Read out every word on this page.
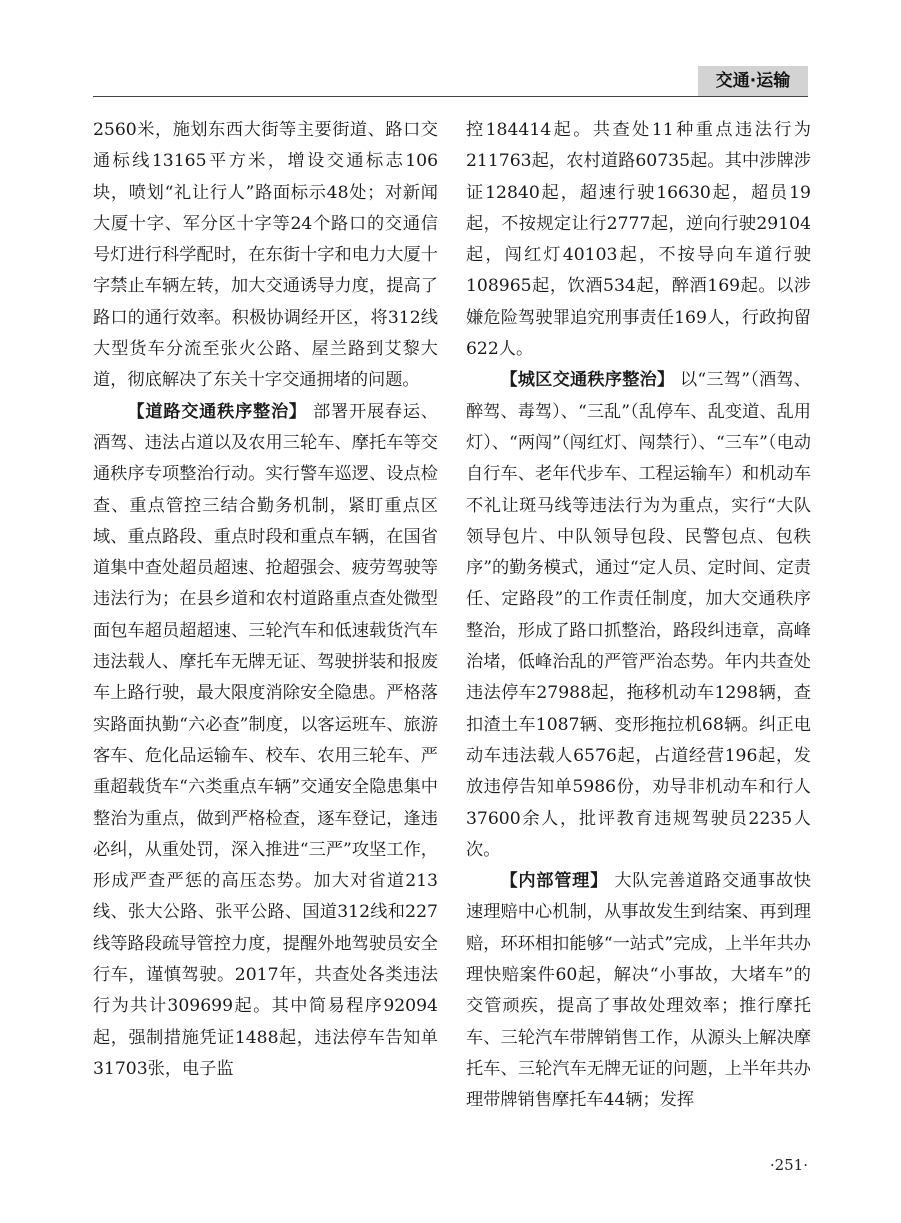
交通·运输

2560米，施划东西大街等主要街道、路口交通标线13165平方米，增设交通标志106块，喷划“礼让行人”路面标示48处；对新闻大厦十字、军分区十字等24个路口的交通信号灯进行科学配时，在东街十字和电力大厦十字禁止车辆左转，加大交通诱导力度，提高了路口的通行效率。积极协调经开区，将312线大型货车分流至张火公路、屋兰路到艾黎大道，彻底解决了东关十字交通拥堵的问题。

【道路交通秩序整治】 部署开展春运、酒驾、违法占道以及农用三轮车、摩托车等交通秩序专项整治行动。实行警车巡逻、设点检查、重点管控三结合勤务机制，紧盯重点区域、重点路段、重点时段和重点车辆，在国省道集中查处超员超速、抢超强会、疲劳驾驶等违法行为；在县乡道和农村道路重点查处微型面包车超员超超速、三轮汽车和低速载货汽车违法载人、摩托车无牌无证、驾驶拼装和报废车上路行驶，最大限度消除安全隐患。严格落实路面执勤“六必查”制度，以客运班车、旅游客车、危化品运输车、校车、农用三轮车、严重超载货车“六类重点车辆”交通安全隐患集中整治为重点，做到严格检查，逐车登记，逢违必纠，从重处罚，深入推进“三严”攻坚工作，形成严查严惩的高压态势。加大对省道213线、张大公路、张平公路、国道312线和227线等路段疏导管控力度，提醒外地驾驶员安全行车，谨慎驾驶。2017年，共查处各类违法行为共计309699起。其中简易程序92094起，强制措施凭证1488起，违法停车告知单31703张，电子监

控184414起。共查处11种重点违法行为211763起，农村道路60735起。其中涉牌涉证12840起，超速行驶16630起，超员19起，不按规定让行2777起，逆向行驶29104起，闯红灯40103起，不按导向车道行驶108965起，饮酒534起，醉酒169起。以涉嫌危险驾驶罪追究刑事责任169人，行政拘留622人。

【城区交通秩序整治】 以“三驾”（酒驾、醉驾、毒驾）、“三乱”（乱停车、乱变道、乱用灯）、“两闯”（闯红灯、闯禁行）、“三车”（电动自行车、老年代步车、工程运输车）和机动车不礼让斑马线等违法行为为重点，实行“大队领导包片、中队领导包段、民警包点、包秩序”的勤务模式，通过“定人员、定时间、定责任、定路段”的工作责任制度，加大交通秩序整治，形成了路口抓整治，路段纠违章，高峰治堵，低峰治乱的严管严治态势。年内共查处违法停车27988起，拖移机动车1298辆，查扣渣土车1087辆、变形拖拉机68辆。纠正电动车违法载人6576起，占道经营196起，发放违停告知单5986份，劝导非机动车和行人37600余人，批评教育违规驾驶员2235人次。

【内部管理】 大队完善道路交通事故快速理赔中心机制，从事故发生到结案、再到理赔，环环相扣能够“一站式”完成，上半年共办理快赔案件60起，解决“小事故，大堵车”的交管顽疾，提高了事故处理效率；推行摩托车、三轮汽车带牌销售工作，从源头上解决摩托车、三轮汽车无牌无证的问题，上半年共办理带牌销售摩托车44辆；发挥

·251·
